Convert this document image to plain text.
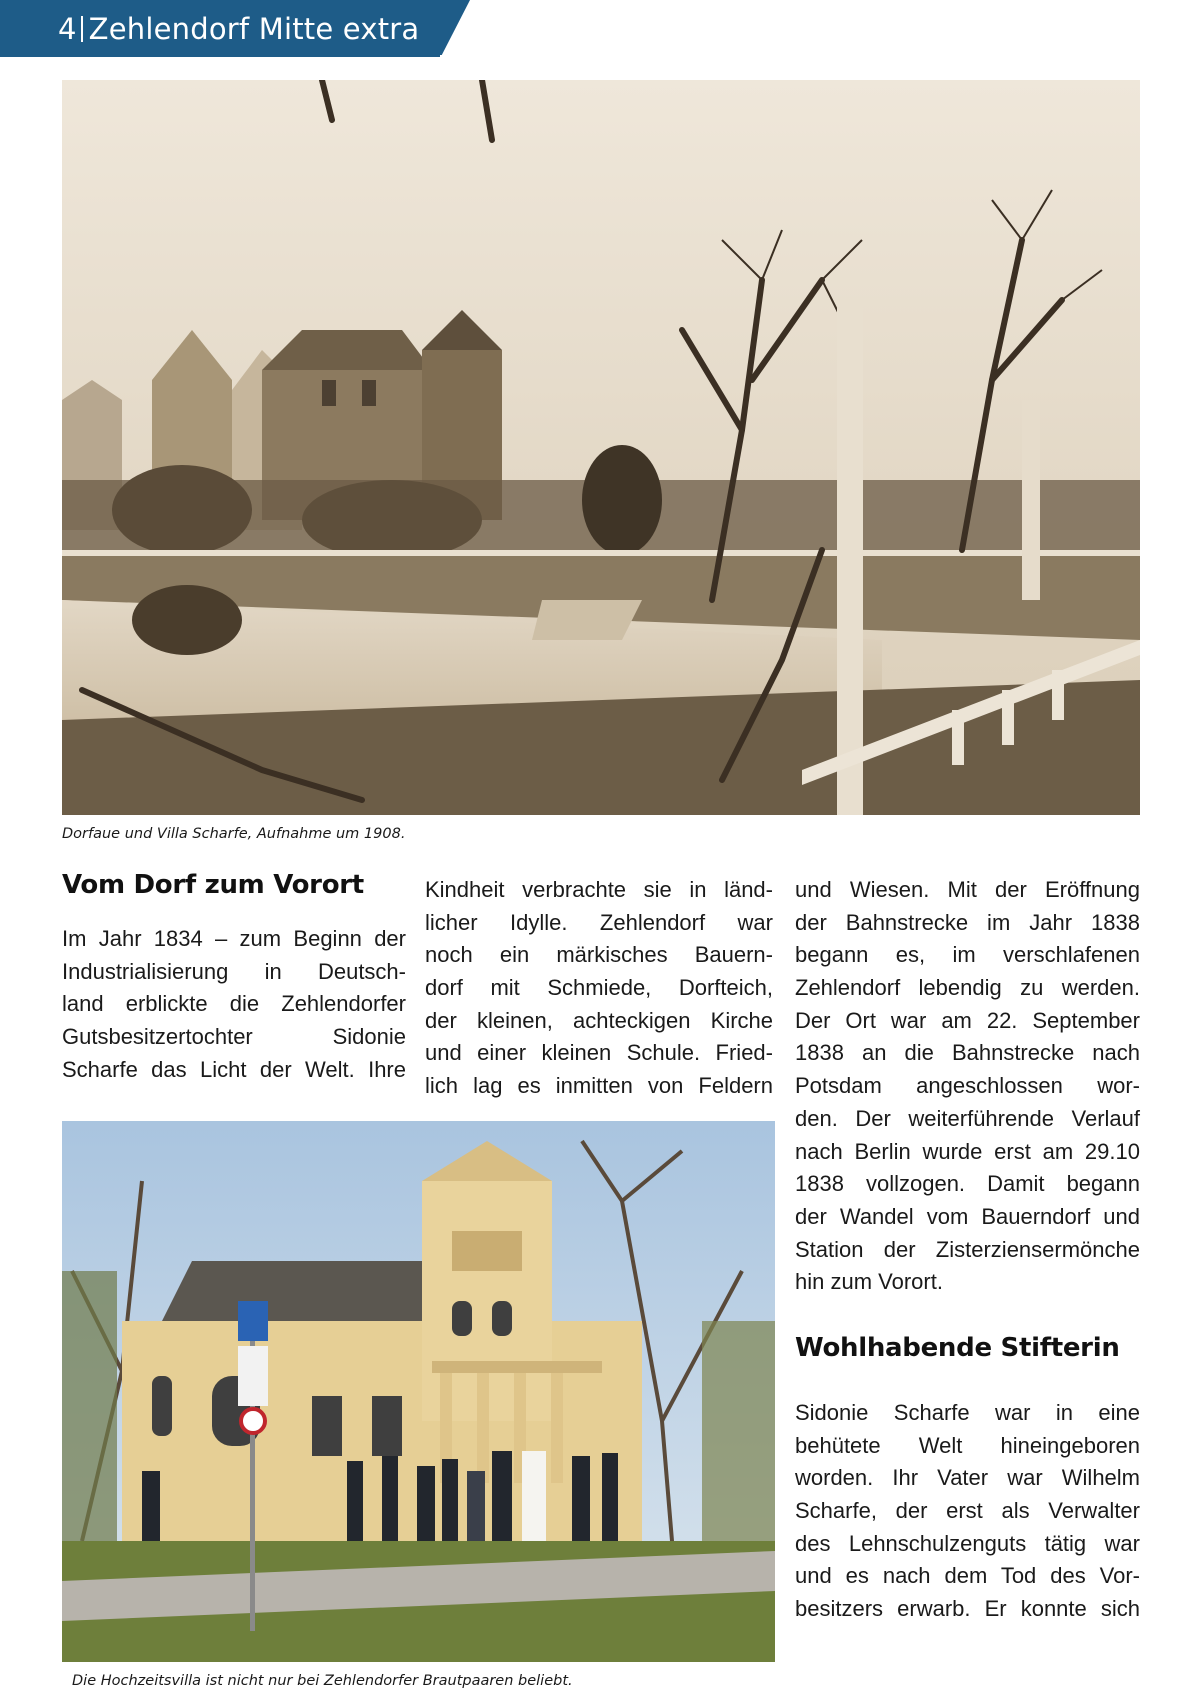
4 Zehlendorf Mitte extra
Dorfaue und Villa Scharfe, Aufnahme um 1908.
Vom Dorf zum Vorort
Im Jahr 1834 – zum Beginn der
Industrialisierung in Deutsch-
land erblickte die Zehlendorfer
Gutsbesitzertochter Sidonie
Scharfe das Licht der Welt. Ihre
Kindheit verbrachte sie in länd-
licher Idylle. Zehlendorf war
noch ein märkisches Bauern-
dorf mit Schmiede, Dorfteich,
der kleinen, achteckigen Kirche
und einer kleinen Schule. Fried-
lich lag es inmitten von Feldern
und Wiesen. Mit der Eröffnung
der Bahnstrecke im Jahr 1838
begann es, im verschlafenen
Zehlendorf lebendig zu werden.
Der Ort war am 22. September
1838 an die Bahnstrecke nach
Potsdam angeschlossen wor-
den. Der weiterführende Verlauf
nach Berlin wurde erst am 29.10
1838 vollzogen. Damit begann
der Wandel vom Bauerndorf und
Station der Zisterziensermönche
hin zum Vorort.
Wohlhabende Stifterin
Sidonie Scharfe war in eine
behütete Welt hineingeboren
worden. Ihr Vater war Wilhelm
Scharfe, der erst als Verwalter
des Lehnschulzenguts tätig war
und es nach dem Tod des Vor-
besitzers erwarb. Er konnte sich
Die Hochzeitsvilla ist nicht nur bei Zehlendorfer Brautpaaren beliebt.
